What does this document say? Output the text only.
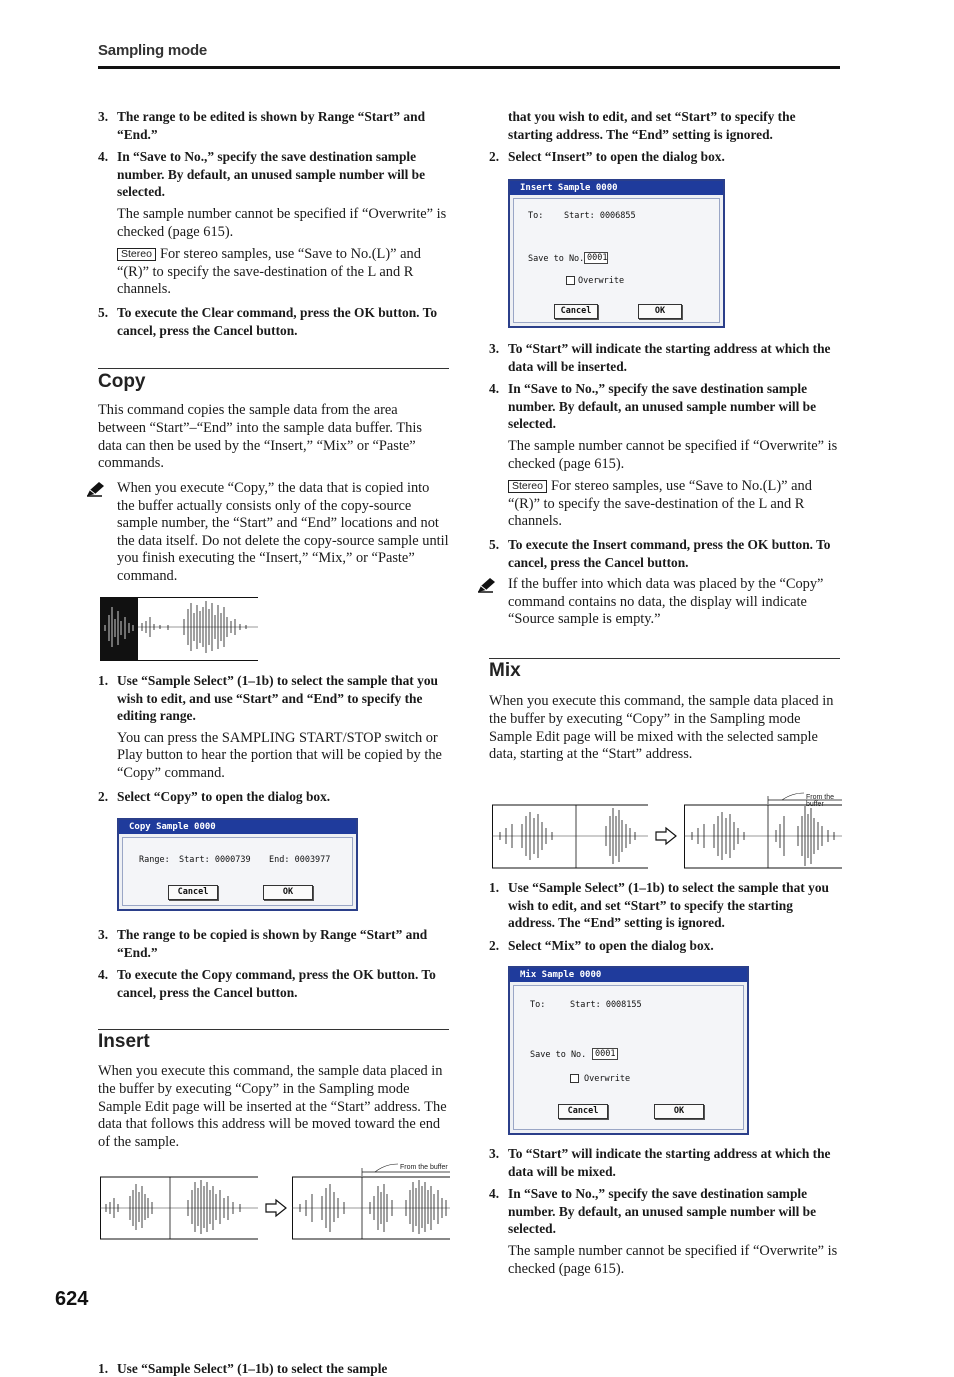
Sampling mode
3. The range to be edited is shown by Range “Start” and “End.”
4. In “Save to No.,” specify the save destination sample number. By default, an unused sample number will be selected.
The sample number cannot be specified if “Overwrite” is checked (page 615).
Stereo For stereo samples, use “Save to No.(L)” and “(R)” to specify the save-destination of the L and R channels.
5. To execute the Clear command, press the OK button. To cancel, press the Cancel button.
Copy
This command copies the sample data from the area between “Start”–“End” into the sample data buffer. This data can then be used by the “Insert,” “Mix” or “Paste” commands.
When you execute “Copy,” the data that is copied into the buffer actually consists only of the copy-source sample number, the “Start” and “End” locations and not the data itself. Do not delete the copy-source sample until you finish executing the “Insert,” “Mix,” or “Paste” command.
1. Use “Sample Select” (1–1b) to select the sample that you wish to edit, and use “Start” and “End” to specify the editing range.
You can press the SAMPLING START/STOP switch or Play button to hear the portion that will be copied by the “Copy” command.
2. Select “Copy” to open the dialog box.
Copy Sample 0000
Range: Start: 0000739 End: 0003977
Cancel	OK
3. The range to be copied is shown by Range “Start” and “End.”
4. To execute the Copy command, press the OK button. To cancel, press the Cancel button.
Insert
When you execute this command, the sample data placed in the buffer by executing “Copy” in the Sampling mode Sample Edit page will be inserted at the “Start” address. The data that follows this address will be moved toward the end of the sample.
From the buffer
1. Use “Sample Select” (1–1b) to select the sample
that you wish to edit, and set “Start” to specify the starting address. The “End” setting is ignored.
2. Select “Insert” to open the dialog box.
Insert Sample 0000
To: Start: 0006855
Save to No. 0001
Overwrite
Cancel	OK
3. To “Start” will indicate the starting address at which the data will be inserted.
4. In “Save to No.,” specify the save destination sample number. By default, an unused sample number will be selected.
The sample number cannot be specified if “Overwrite” is checked (page 615).
Stereo For stereo samples, use “Save to No.(L)” and “(R)” to specify the save-destination of the L and R channels.
5. To execute the Insert command, press the OK button. To cancel, press the Cancel button.
If the buffer into which data was placed by the “Copy” command contains no data, the display will indicate “Source sample is empty.”
Mix
When you execute this command, the sample data placed in the buffer by executing “Copy” in the Sampling mode Sample Edit page will be mixed with the selected sample data, starting at the “Start” address.
From the buffer
1. Use “Sample Select” (1–1b) to select the sample that you wish to edit, and set “Start” to specify the starting address. The “End” setting is ignored.
2. Select “Mix” to open the dialog box.
Mix Sample 0000
To:	Start: 0008155
Save to No.	0001
Overwrite
Cancel	OK
3. To “Start” will indicate the starting address at which the data will be mixed.
4. In “Save to No.,” specify the save destination sample number. By default, an unused sample number will be selected.
The sample number cannot be specified if “Overwrite” is checked (page 615).
624
